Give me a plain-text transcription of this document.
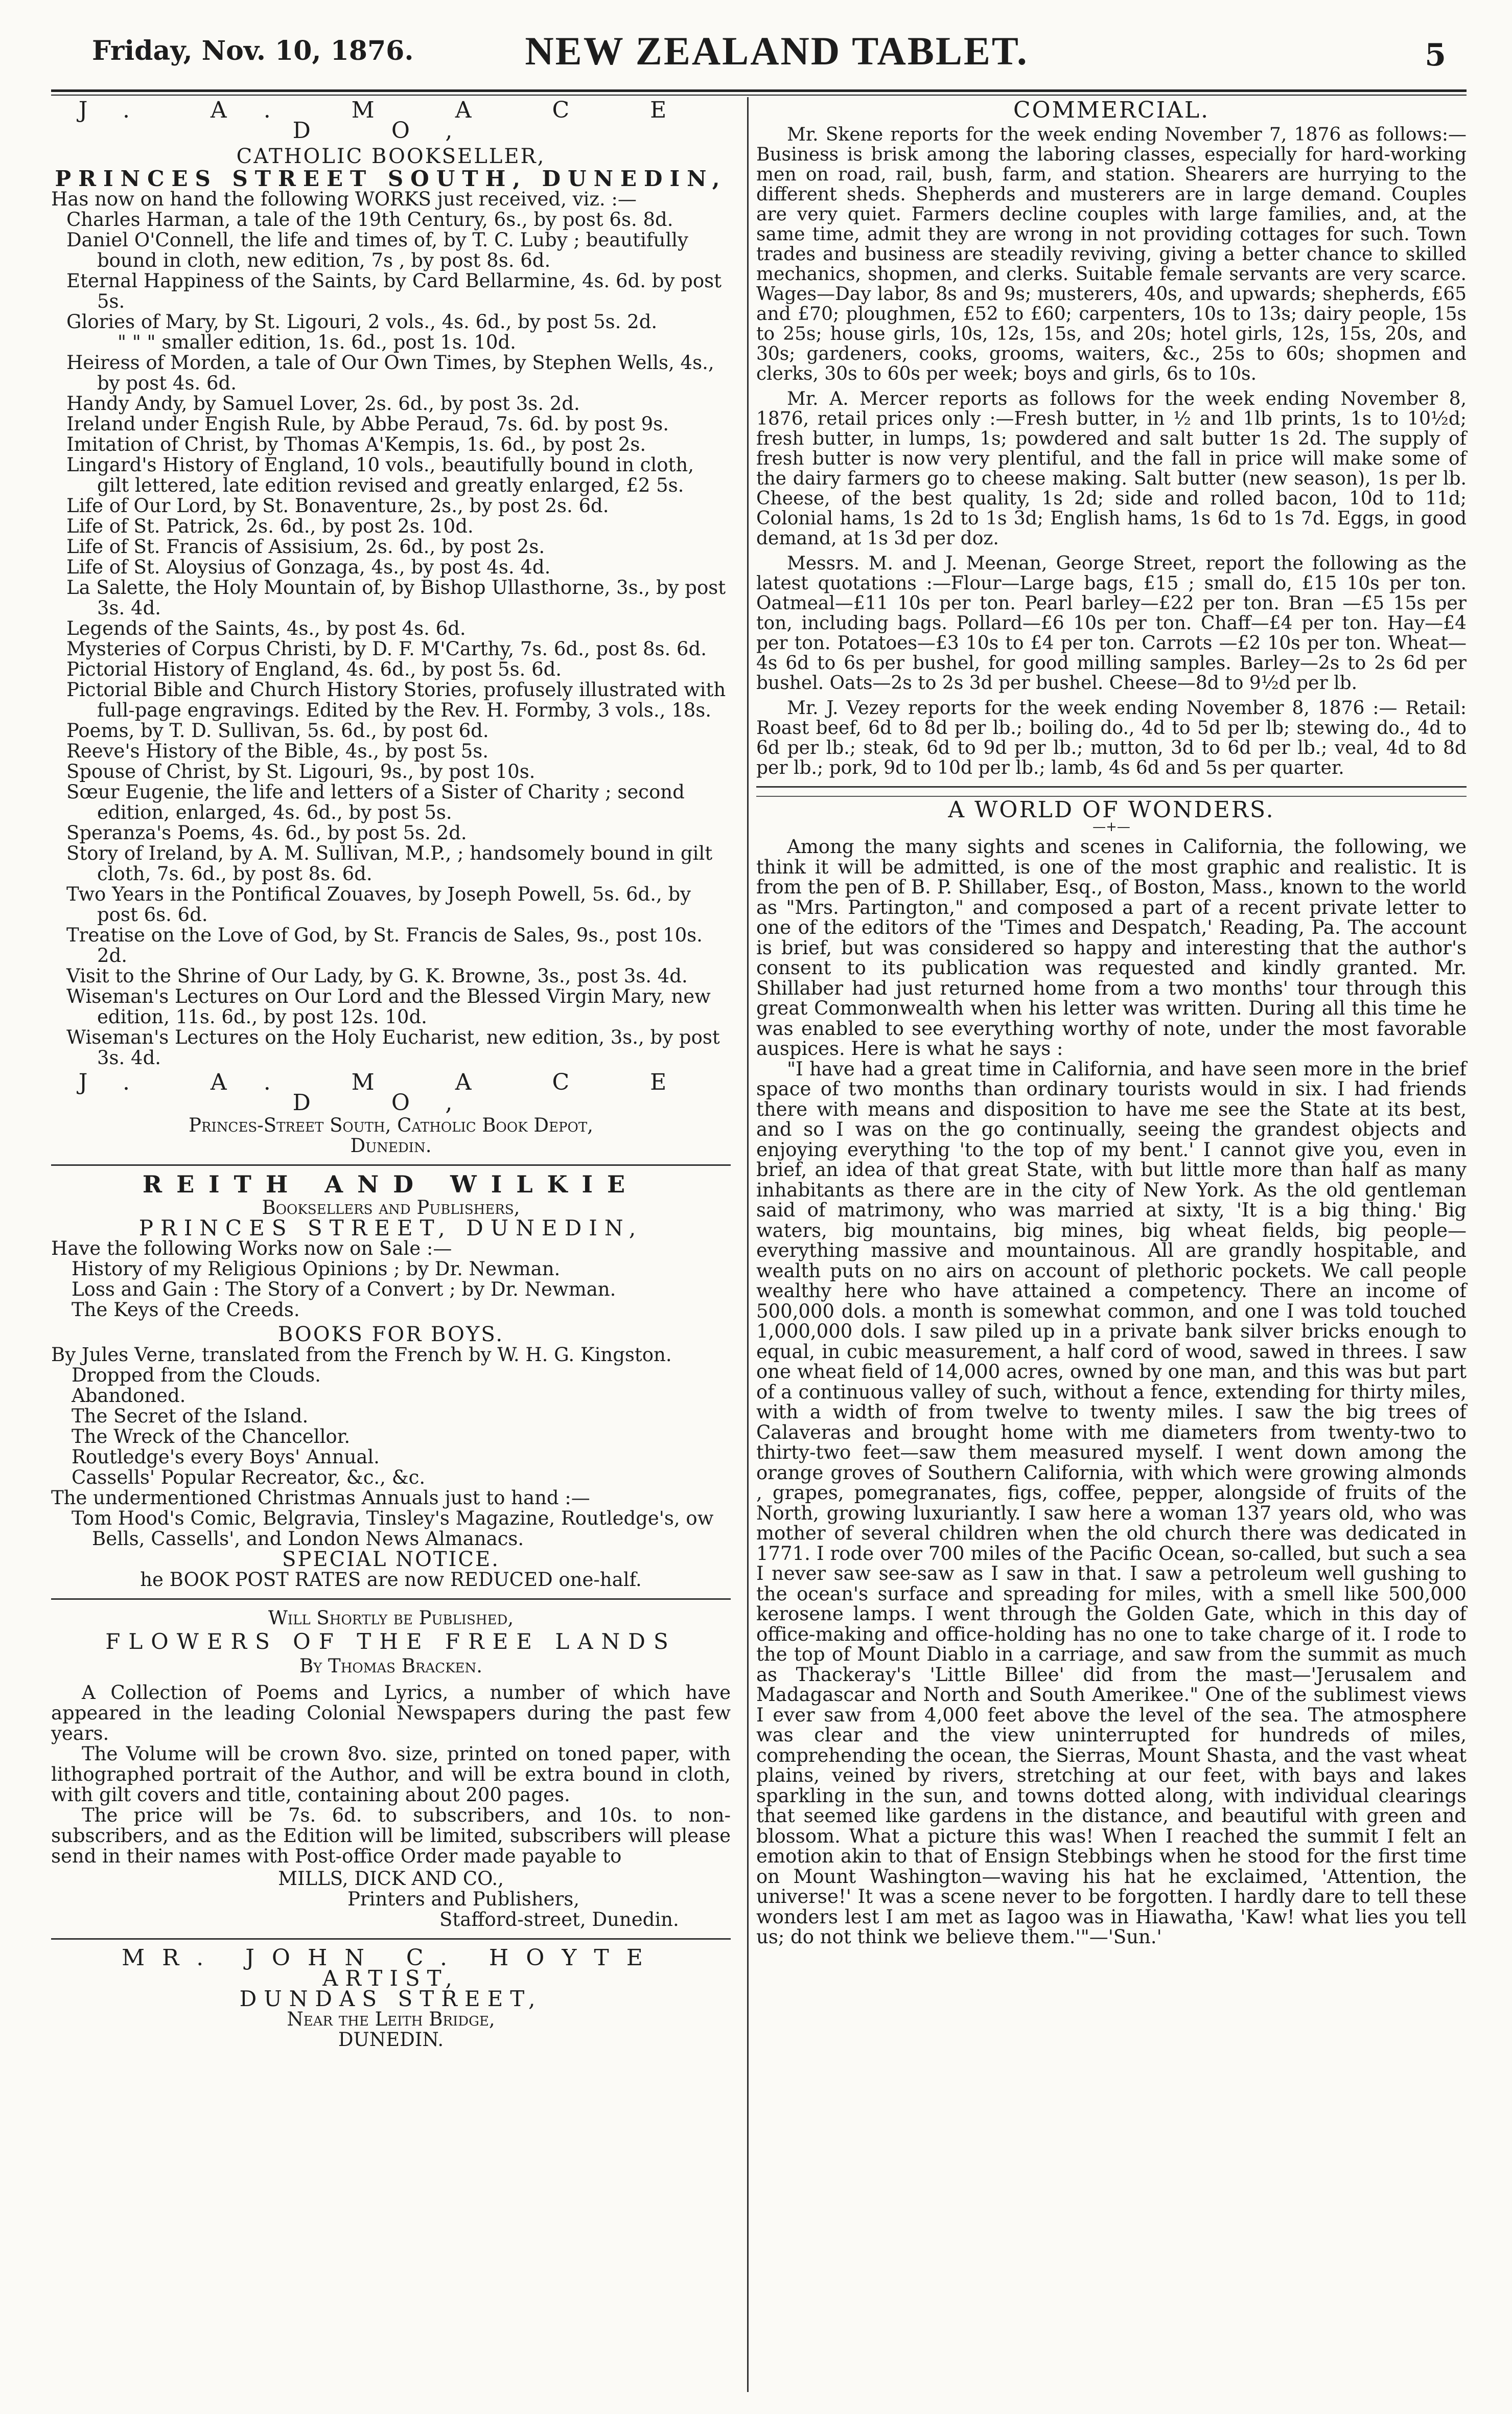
Friday, Nov. 10, 1876.	NEW ZEALAND TABLET.	5
J. A. M A C E D O,
CATHOLIC BOOKSELLER,
PRINCES STREET SOUTH, DUNEDIN,

Has now on hand the following WORKS just received, viz. :—

Charles Harman, a tale of the 19th Century, 6s., by post 6s. 8d.

Daniel O'Connell, the life and times of, by T. C. Luby ; beautifully bound in cloth, new edition, 7s , by post 8s. 6d.

Eternal Happiness of the Saints, by Card Bellarmine, 4s. 6d. by post 5s.

Glories of Mary, by St. Ligouri, 2 vols., 4s. 6d., by post 5s. 2d.

" " " smaller edition, 1s. 6d., post 1s. 10d.

Heiress of Morden, a tale of Our Own Times, by Stephen Wells, 4s., by post 4s. 6d.

Handy Andy, by Samuel Lover, 2s. 6d., by post 3s. 2d.

Ireland under Engish Rule, by Abbe Peraud, 7s. 6d. by post 9s.

Imitation of Christ, by Thomas A'Kempis, 1s. 6d., by post 2s.

Lingard's History of England, 10 vols., beautifully bound in cloth, gilt lettered, late edition revised and greatly enlarged, £2 5s.

Life of Our Lord, by St. Bonaventure, 2s., by post 2s. 6d.

Life of St. Patrick, 2s. 6d., by post 2s. 10d.

Life of St. Francis of Assisium, 2s. 6d., by post 2s.

Life of St. Aloysius of Gonzaga, 4s., by post 4s. 4d.

La Salette, the Holy Mountain of, by Bishop Ullasthorne, 3s., by post 3s. 4d.

Legends of the Saints, 4s., by post 4s. 6d.

Mysteries of Corpus Christi, by D. F. M'Carthy, 7s. 6d., post 8s. 6d.

Pictorial History of England, 4s. 6d., by post 5s. 6d.

Pictorial Bible and Church History Stories, profusely illustrated with full-page engravings. Edited by the Rev. H. Formby, 3 vols., 18s.

Poems, by T. D. Sullivan, 5s. 6d., by post 6d.

Reeve's History of the Bible, 4s., by post 5s.

Spouse of Christ, by St. Ligouri, 9s., by post 10s.

Sœur Eugenie, the life and letters of a Sister of Charity ; second edition, enlarged, 4s. 6d., by post 5s.

Speranza's Poems, 4s. 6d., by post 5s. 2d.

Story of Ireland, by A. M. Sullivan, M.P., ; handsomely bound in gilt cloth, 7s. 6d., by post 8s. 6d.

Two Years in the Pontifical Zouaves, by Joseph Powell, 5s. 6d., by post 6s. 6d.

Treatise on the Love of God, by St. Francis de Sales, 9s., post 10s. 2d.

Visit to the Shrine of Our Lady, by G. K. Browne, 3s., post 3s. 4d.

Wiseman's Lectures on Our Lord and the Blessed Virgin Mary, new edition, 11s. 6d., by post 12s. 10d.

Wiseman's Lectures on the Holy Eucharist, new edition, 3s., by post 3s. 4d.

J. A. M A C E D O,
Princes-Street South, Catholic Book Depot,
Dunedin.
REITH AND WILKIE
Booksellers and Publishers,
PRINCES STREET, DUNEDIN,

Have the following Works now on Sale :—

History of my Religious Opinions ; by Dr. Newman.

Loss and Gain : The Story of a Convert ; by Dr. Newman.

The Keys of the Creeds.

BOOKS FOR BOYS.

By Jules Verne, translated from the French by W. H. G. Kingston.

Dropped from the Clouds.

Abandoned.

The Secret of the Island.

The Wreck of the Chancellor.

Routledge's every Boys' Annual.

Cassells' Popular Recreator, &c., &c.

The undermentioned Christmas Annuals just to hand :—

Tom Hood's Comic, Belgravia, Tinsley's Magazine, Routledge's, ow Bells, Cassells', and London News Almanacs.

SPECIAL NOTICE.
he BOOK POST RATES are now REDUCED one-half.
Will Shortly be Published,
FLOWERS OF THE FREE LANDS
By Thomas Bracken.

A Collection of Poems and Lyrics, a number of which have appeared in the leading Colonial Newspapers during the past few years.

The Volume will be crown 8vo. size, printed on toned paper, with lithographed portrait of the Author, and will be extra bound in cloth, with gilt covers and title, containing about 200 pages.

The price will be 7s. 6d. to subscribers, and 10s. to non-subscribers, and as the Edition will be limited, subscribers will please send in their names with Post-office Order made payable to

MILLS, DICK AND CO.,
Printers and Publishers,
Stafford-street, Dunedin.
MR. JOHN C. HOYTE
ARTIST,
DUNDAS STREET,
Near the Leith Bridge,
DUNEDIN.
COMMERCIAL.

Mr. Skene reports for the week ending November 7, 1876 as follows:— Business is brisk among the laboring classes, especially for hard-working men on road, rail, bush, farm, and station. Shearers are hurrying to the different sheds. Shepherds and musterers are in large demand. Couples are very quiet. Farmers decline couples with large families, and, at the same time, admit they are wrong in not providing cottages for such. Town trades and business are steadily reviving, giving a better chance to skilled mechanics, shopmen, and clerks. Suitable female servants are very scarce. Wages—Day labor, 8s and 9s; musterers, 40s, and upwards; shepherds, £65 and £70; ploughmen, £52 to £60; carpenters, 10s to 13s; dairy people, 15s to 25s; house girls, 10s, 12s, 15s, and 20s; hotel girls, 12s, 15s, 20s, and 30s; gardeners, cooks, grooms, waiters, &c., 25s to 60s; shopmen and clerks, 30s to 60s per week; boys and girls, 6s to 10s.

Mr. A. Mercer reports as follows for the week ending November 8, 1876, retail prices only :—Fresh butter, in ½ and 1lb prints, 1s to 10½d; fresh butter, in lumps, 1s; powdered and salt butter 1s 2d. The supply of fresh butter is now very plentiful, and the fall in price will make some of the dairy farmers go to cheese making. Salt butter (new season), 1s per lb. Cheese, of the best quality, 1s 2d; side and rolled bacon, 10d to 11d; Colonial hams, 1s 2d to 1s 3d; English hams, 1s 6d to 1s 7d. Eggs, in good demand, at 1s 3d per doz.

Messrs. M. and J. Meenan, George Street, report the following as the latest quotations :—Flour—Large bags, £15 ; small do, £15 10s per ton. Oatmeal—£11 10s per ton. Pearl barley—£22 per ton. Bran —£5 15s per ton, including bags. Pollard—£6 10s per ton. Chaff—£4 per ton. Hay—£4 per ton. Potatoes—£3 10s to £4 per ton. Carrots —£2 10s per ton. Wheat—4s 6d to 6s per bushel, for good milling samples. Barley—2s to 2s 6d per bushel. Oats—2s to 2s 3d per bushel. Cheese—8d to 9½d per lb.

Mr. J. Vezey reports for the week ending November 8, 1876 :— Retail: Roast beef, 6d to 8d per lb.; boiling do., 4d to 5d per lb; stewing do., 4d to 6d per lb.; steak, 6d to 9d per lb.; mutton, 3d to 6d per lb.; veal, 4d to 8d per lb.; pork, 9d to 10d per lb.; lamb, 4s 6d and 5s per quarter.

A WORLD OF WONDERS.
—+—

Among the many sights and scenes in California, the following, we think it will be admitted, is one of the most graphic and realistic. It is from the pen of B. P. Shillaber, Esq., of Boston, Mass., known to the world as "Mrs. Partington," and composed a part of a recent private letter to one of the editors of the 'Times and Despatch,' Reading, Pa. The account is brief, but was considered so happy and interesting that the author's consent to its publication was requested and kindly granted. Mr. Shillaber had just returned home from a two months' tour through this great Commonwealth when his letter was written. During all this time he was enabled to see everything worthy of note, under the most favorable auspices. Here is what he says :

"I have had a great time in California, and have seen more in the brief space of two months than ordinary tourists would in six. I had friends there with means and disposition to have me see the State at its best, and so I was on the go continually, seeing the grandest objects and enjoying everything 'to the top of my bent.' I cannot give you, even in brief, an idea of that great State, with but little more than half as many inhabitants as there are in the city of New York. As the old gentleman said of matrimony, who was married at sixty, 'It is a big thing.' Big waters, big mountains, big mines, big wheat fields, big people—everything massive and mountainous. All are grandly hospitable, and wealth puts on no airs on account of plethoric pockets. We call people wealthy here who have attained a competency. There an income of 500,000 dols. a month is somewhat common, and one I was told touched 1,000,000 dols. I saw piled up in a private bank silver bricks enough to equal, in cubic measurement, a half cord of wood, sawed in threes. I saw one wheat field of 14,000 acres, owned by one man, and this was but part of a continuous valley of such, without a fence, extending for thirty miles, with a width of from twelve to twenty miles. I saw the big trees of Calaveras and brought home with me diameters from twenty-two to thirty-two feet—saw them measured myself. I went down among the orange groves of Southern California, with which were growing almonds , grapes, pomegranates, figs, coffee, pepper, alongside of fruits of the North, growing luxuriantly. I saw here a woman 137 years old, who was mother of several children when the old church there was dedicated in 1771. I rode over 700 miles of the Pacific Ocean, so-called, but such a sea I never saw see-saw as I saw in that. I saw a petroleum well gushing to the ocean's surface and spreading for miles, with a smell like 500,000 kerosene lamps. I went through the Golden Gate, which in this day of office-making and office-holding has no one to take charge of it. I rode to the top of Mount Diablo in a carriage, and saw from the summit as much as Thackeray's 'Little Billee' did from the mast—'Jerusalem and Madagascar and North and South Amerikee." One of the sublimest views I ever saw from 4,000 feet above the level of the sea. The atmosphere was clear and the view uninterrupted for hundreds of miles, comprehending the ocean, the Sierras, Mount Shasta, and the vast wheat plains, veined by rivers, stretching at our feet, with bays and lakes sparkling in the sun, and towns dotted along, with individual clearings that seemed like gardens in the distance, and beautiful with green and blossom. What a picture this was! When I reached the summit I felt an emotion akin to that of Ensign Stebbings when he stood for the first time on Mount Washington—waving his hat he exclaimed, 'Attention, the universe!' It was a scene never to be forgotten. I hardly dare to tell these wonders lest I am met as Iagoo was in Hiawatha, 'Kaw! what lies you tell us; do not think we believe them.'"—'Sun.'
